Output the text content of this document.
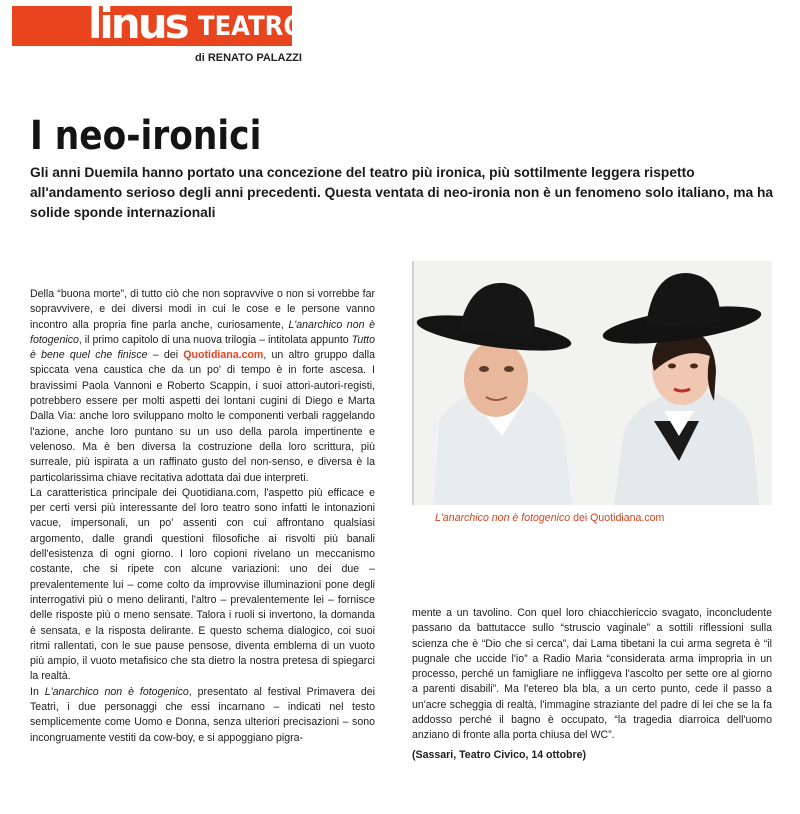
linus TEATRO
di RENATO PALAZZI
I neo-ironici
Gli anni Duemila hanno portato una concezione del teatro più ironica, più sottilmente leggera rispetto all'andamento serioso degli anni precedenti. Questa ventata di neo-ironia non è un fenomeno solo italiano, ma ha solide sponde internazionali

Della “buona morte”, di tutto ciò che non sopravvive o non si vorrebbe far sopravvivere, e dei diversi modi in cui le cose e le persone vanno incontro alla propria fine parla anche, curiosamente, L'anarchico non è fotogenico, il primo capitolo di una nuova trilogia – intitolata appunto Tutto è bene quel che finisce – dei Quotidiana.com, un altro gruppo dalla spiccata vena caustica che da un po' di tempo è in forte ascesa. I bravissimi Paola Vannoni e Roberto Scappin, i suoi attori-autori-registi, potrebbero essere per molti aspetti dei lontani cugini di Diego e Marta Dalla Via: anche loro sviluppano molto le componenti verbali raggelando l'azione, anche loro puntano su un uso della parola impertinente e velenoso. Ma è ben diversa la costruzione della loro scrittura, più surreale, più ispirata a un raffinato gusto del non-senso, e diversa è la particolarissima chiave recitativa adottata dai due interpreti.

La caratteristica principale dei Quotidiana.com, l'aspetto più efficace e per certi versi più interessante del loro teatro sono infatti le intonazioni vacue, impersonali, un po' assenti con cui affrontano qualsiasi argomento, dalle grandi questioni filosofiche ai risvolti più banali dell'esistenza di ogni giorno. I loro copioni rivelano un meccanismo costante, che si ripete con alcune variazioni: uno dei due – prevalentemente lui – come colto da improvvise illuminazioni pone degli interrogativi più o meno deliranti, l'altro – prevalentemente lei – fornisce delle risposte più o meno sensate. Talora i ruoli si invertono, la domanda è sensata, e la risposta delirante. E questo schema dialogico, coi suoi ritmi rallentati, con le sue pause pensose, diventa emblema di un vuoto più ampio, il vuoto metafisico che sta dietro la nostra pretesa di spiegarci la realtà.

In L'anarchico non è fotogenico, presentato al festival Primavera dei Teatri, i due personaggi che essi incarnano – indicati nel testo semplicemente come Uomo e Donna, senza ulteriori precisazioni – sono incongruamente vestiti da cow-boy, e si appoggiano pigra-

L'anarchico non è fotogenico dei Quotidiana.com

mente a un tavolino. Con quel loro chiacchiericcio svagato, inconcludente passano da battutacce sullo “struscio vaginale” a sottili riflessioni sulla scienza che è “Dio che si cerca”, dai Lama tibetani la cui arma segreta è “il pugnale che uccide l'io” a Radio Maria “considerata arma impropria in un processo, perché un famigliare ne infliggeva l'ascolto per sette ore al giorno a parenti disabili”. Ma l'etereo bla bla, a un certo punto, cede il passo a un'acre scheggia di realtà, l'immagine straziante del padre di lei che se la fa addosso perché il bagno è occupato, “la tragedia diarroica dell'uomo anziano di fronte alla porta chiusa del WC”.

(Sassari, Teatro Civico, 14 ottobre)
